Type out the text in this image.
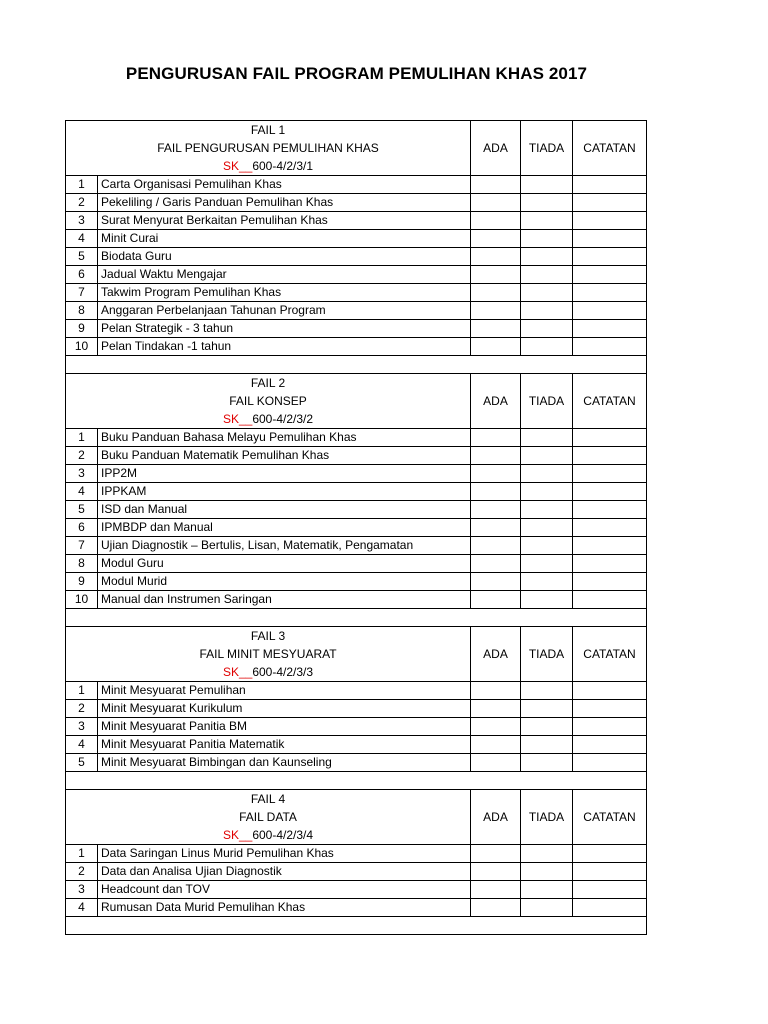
PENGURUSAN FAIL PROGRAM PEMULIHAN KHAS 2017
FAIL 1
FAIL PENGURUSAN PEMULIHAN KHAS
SK__600-4/2/3/1		ADA	TIADA	CATATAN
1	Carta Organisasi Pemulihan Khas			
2	Pekeliling / Garis Panduan Pemulihan Khas			
3	Surat Menyurat Berkaitan Pemulihan Khas			
4	Minit Curai			
5	Biodata Guru			
6	Jadual Waktu Mengajar			
7	Takwim Program Pemulihan Khas			
8	Anggaran Perbelanjaan Tahunan Program			
9	Pelan Strategik - 3 tahun			
10	Pelan Tindakan -1 tahun			

FAIL 2
FAIL KONSEP
SK__600-4/2/3/2		ADA	TIADA	CATATAN
1	Buku Panduan Bahasa Melayu Pemulihan Khas			
2	Buku Panduan Matematik Pemulihan Khas			
3	IPP2M			
4	IPPKAM			
5	ISD dan Manual			
6	IPMBDP dan Manual			
7	Ujian Diagnostik – Bertulis, Lisan, Matematik, Pengamatan			
8	Modul Guru			
9	Modul Murid			
10	Manual dan Instrumen Saringan			

FAIL 3
FAIL MINIT MESYUARAT
SK__600-4/2/3/3		ADA	TIADA	CATATAN
1	Minit Mesyuarat Pemulihan			
2	Minit Mesyuarat Kurikulum			
3	Minit Mesyuarat Panitia BM			
4	Minit Mesyuarat Panitia Matematik			
5	Minit Mesyuarat Bimbingan dan Kaunseling			

FAIL 4
FAIL DATA
SK__600-4/2/3/4		ADA	TIADA	CATATAN
1	Data Saringan Linus Murid Pemulihan Khas			
2	Data dan Analisa Ujian Diagnostik			
3	Headcount dan TOV			
4	Rumusan Data Murid Pemulihan Khas			
